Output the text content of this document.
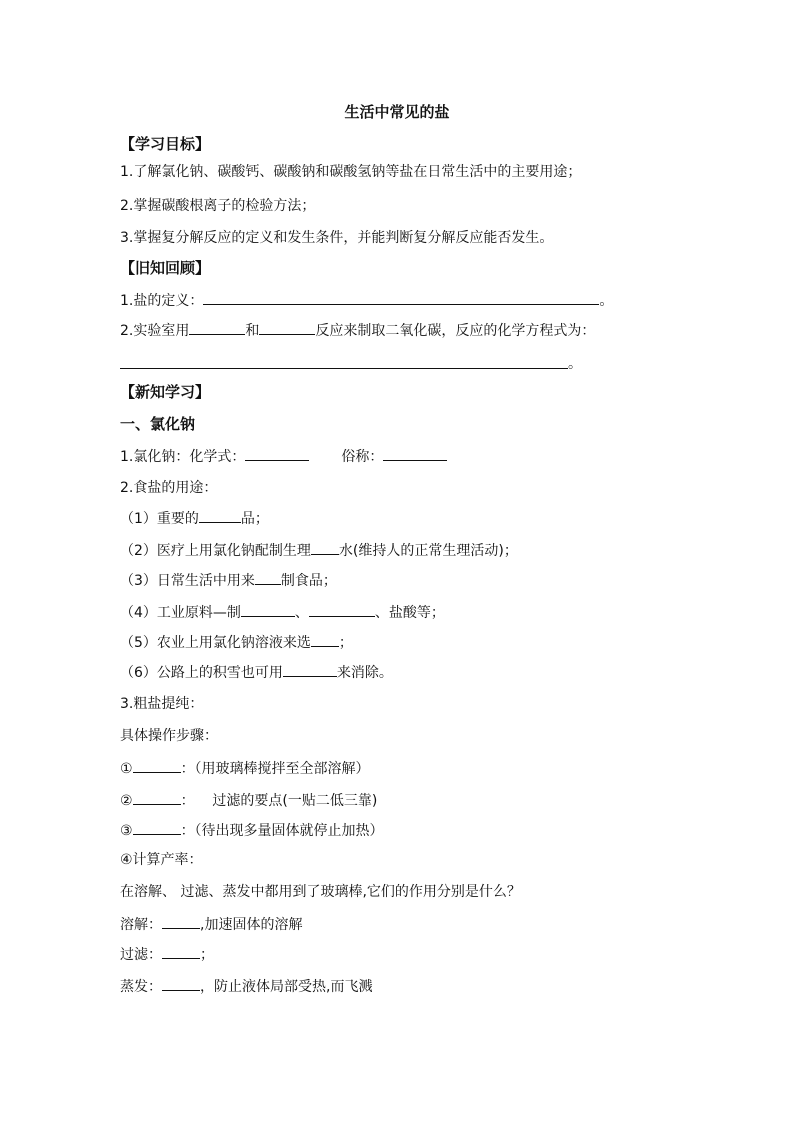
生活中常见的盐
【学习目标】
1.了解氯化钠、碳酸钙、碳酸钠和碳酸氢钠等盐在日常生活中的主要用途；
2.掌握碳酸根离子的检验方法；
3.掌握复分解反应的定义和发生条件，并能判断复分解反应能否发生。
【旧知回顾】
1.盐的定义：	。
2.实验室用	和	反应来制取二氧化碳，反应的化学方程式为：
。
【新知学习】
一、氯化钠
1.氯化钠：化学式：	俗称：
2.食盐的用途：
（1）重要的	品；
（2）医疗上用氯化钠配制生理 水(维持人的正常生理活动)；
（3）日常生活中用来 制食品；
（4）工业原料—制	、	、盐酸等；
（5）农业上用氯化钠溶液来选 ；
（6）公路上的积雪也可用	来消除。
3.粗盐提纯：
具体操作步骤：
①	：（用玻璃棒搅拌至全部溶解）
②	：    过滤的要点(一贴二低三靠)
③	：（待出现多量固体就停止加热）
④计算产率：
在溶解、 过滤、蒸发中都用到了玻璃棒,它们的作用分别是什么？
溶解：	,加速固体的溶解
过滤：	；
蒸发：	，防止液体局部受热,而飞溅
